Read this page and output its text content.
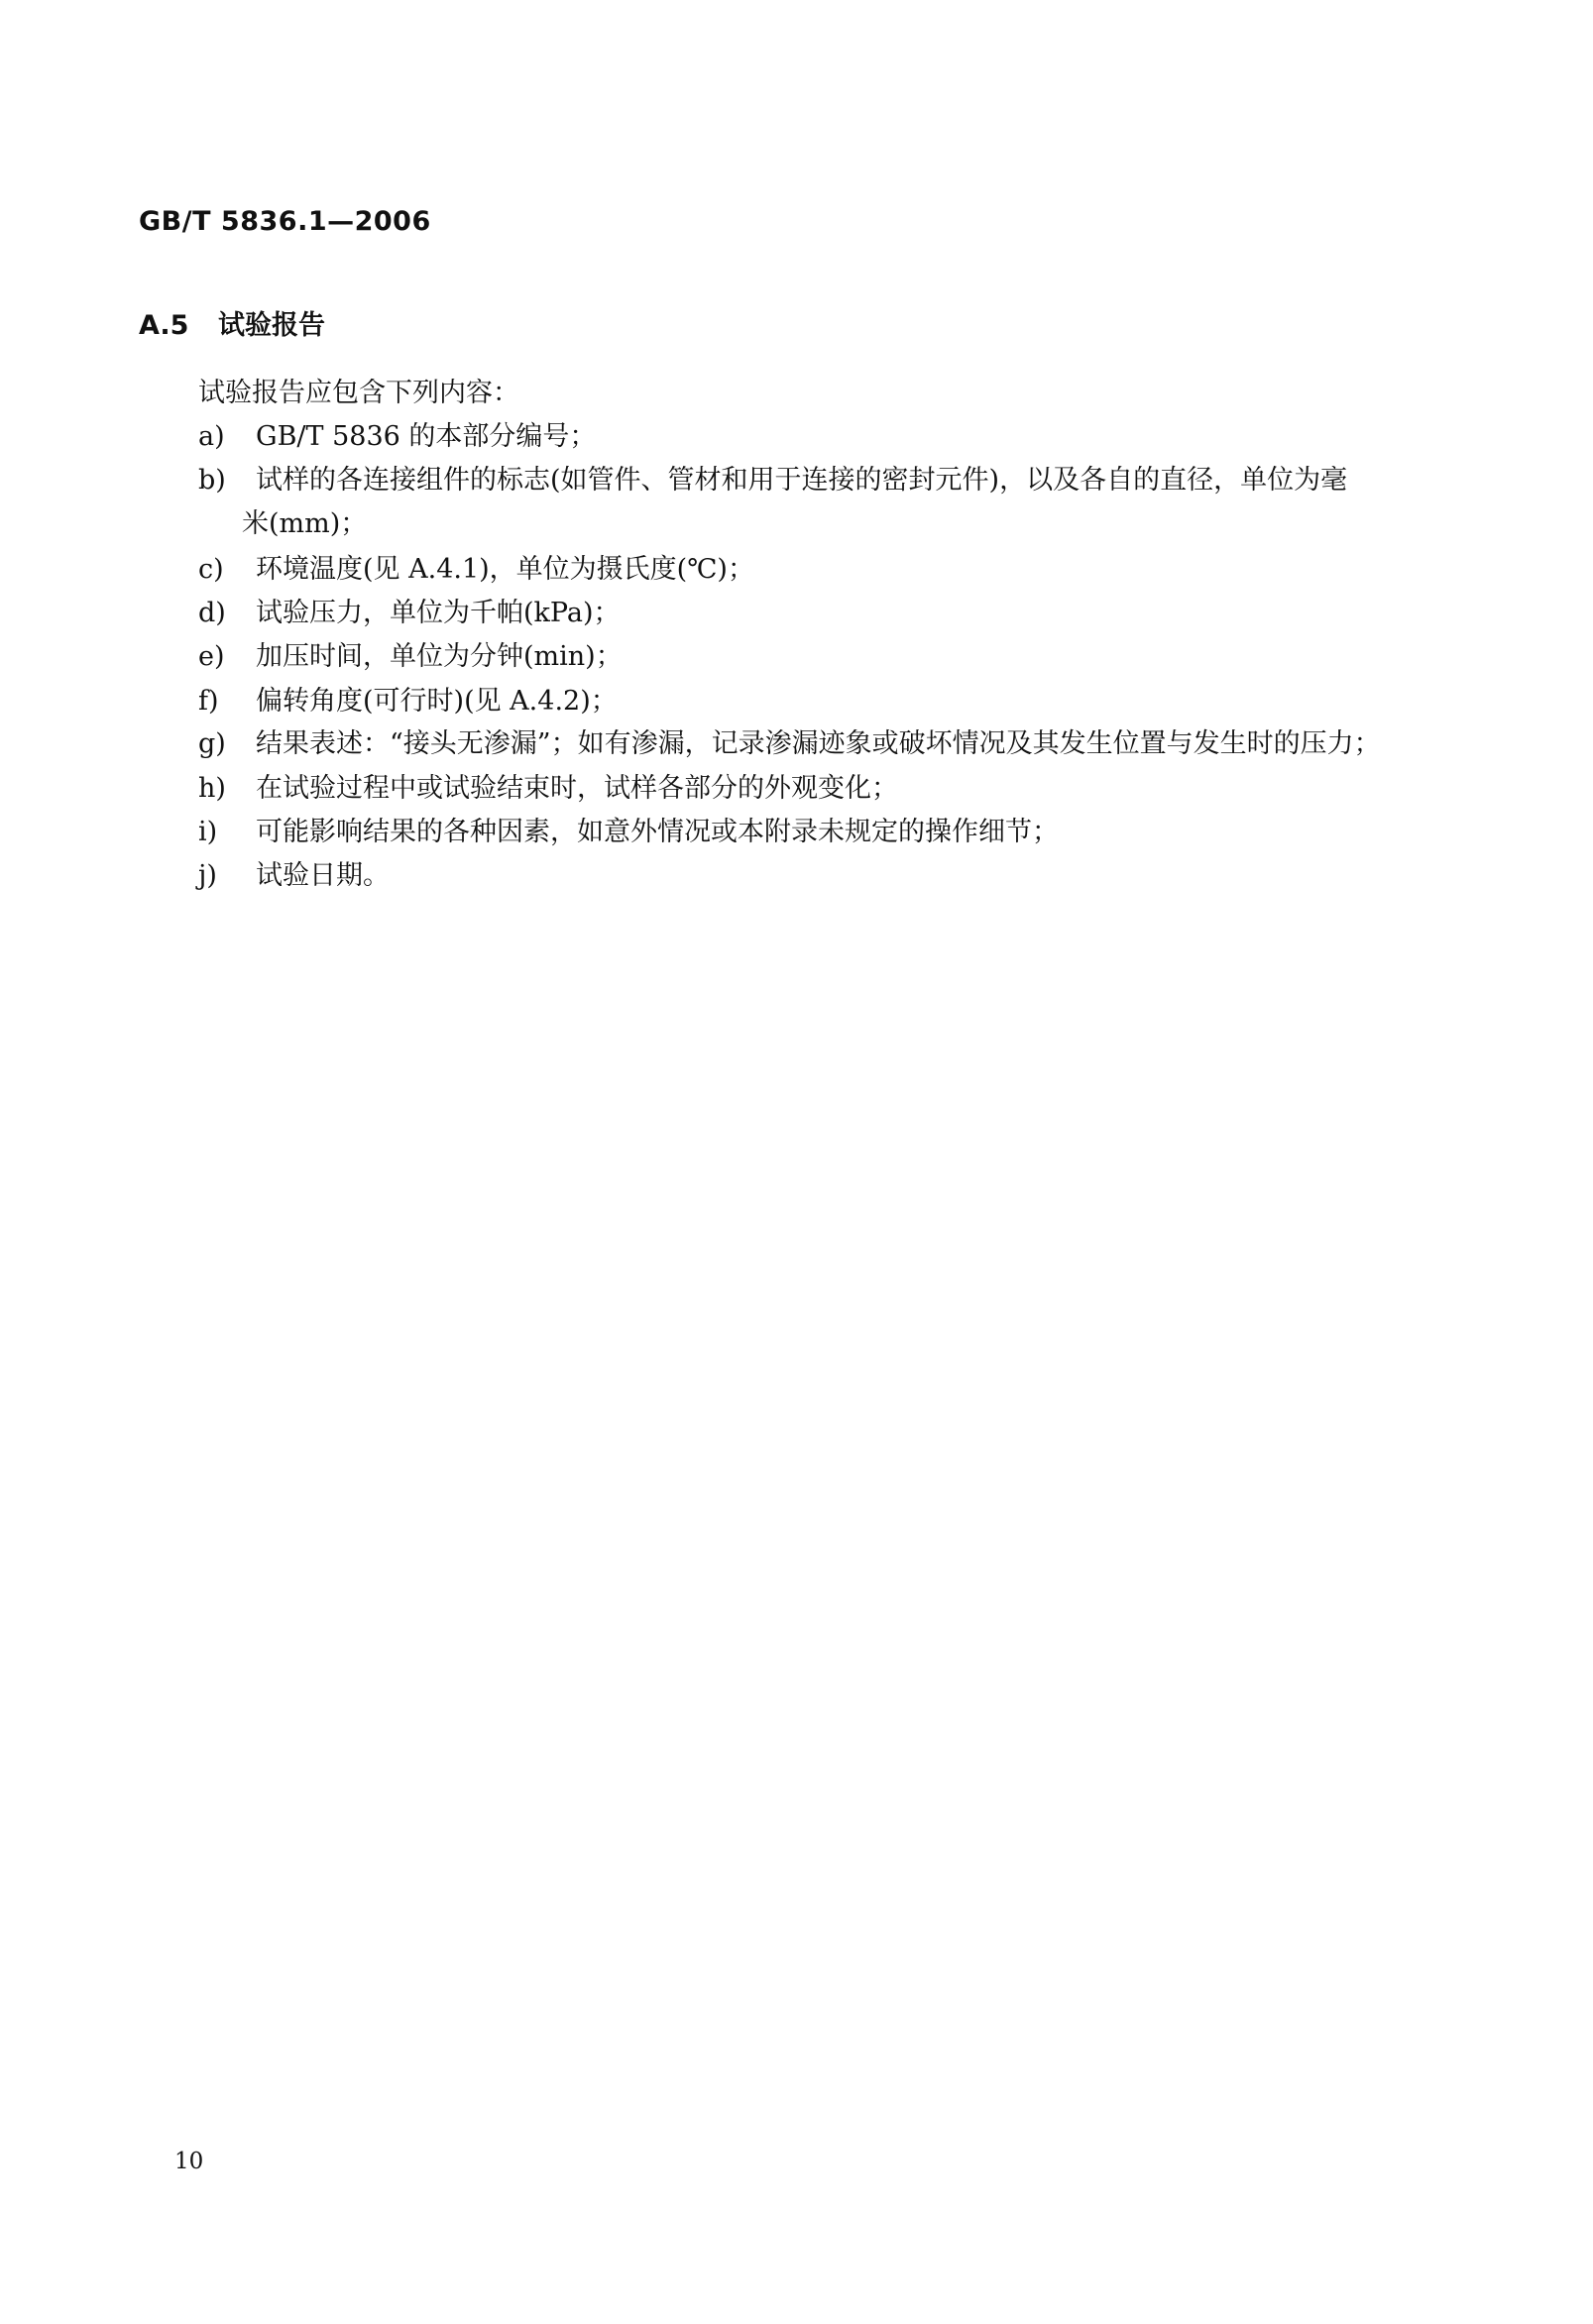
GB/T 5836.1—2006
A.5 试验报告
试验报告应包含下列内容：
a) GB/T 5836 的本部分编号；
b) 试样的各连接组件的标志(如管件、管材和用于连接的密封元件)，以及各自的直径，单位为毫
米(mm)；
c) 环境温度(见 A.4.1)，单位为摄氏度(℃)；
d) 试验压力，单位为千帕(kPa)；
e) 加压时间，单位为分钟(min)；
f) 偏转角度(可行时)(见 A.4.2)；
g) 结果表述：“接头无渗漏”；如有渗漏，记录渗漏迹象或破坏情况及其发生位置与发生时的压力；
h) 在试验过程中或试验结束时，试样各部分的外观变化；
i) 可能影响结果的各种因素，如意外情况或本附录未规定的操作细节；
j) 试验日期。
10
